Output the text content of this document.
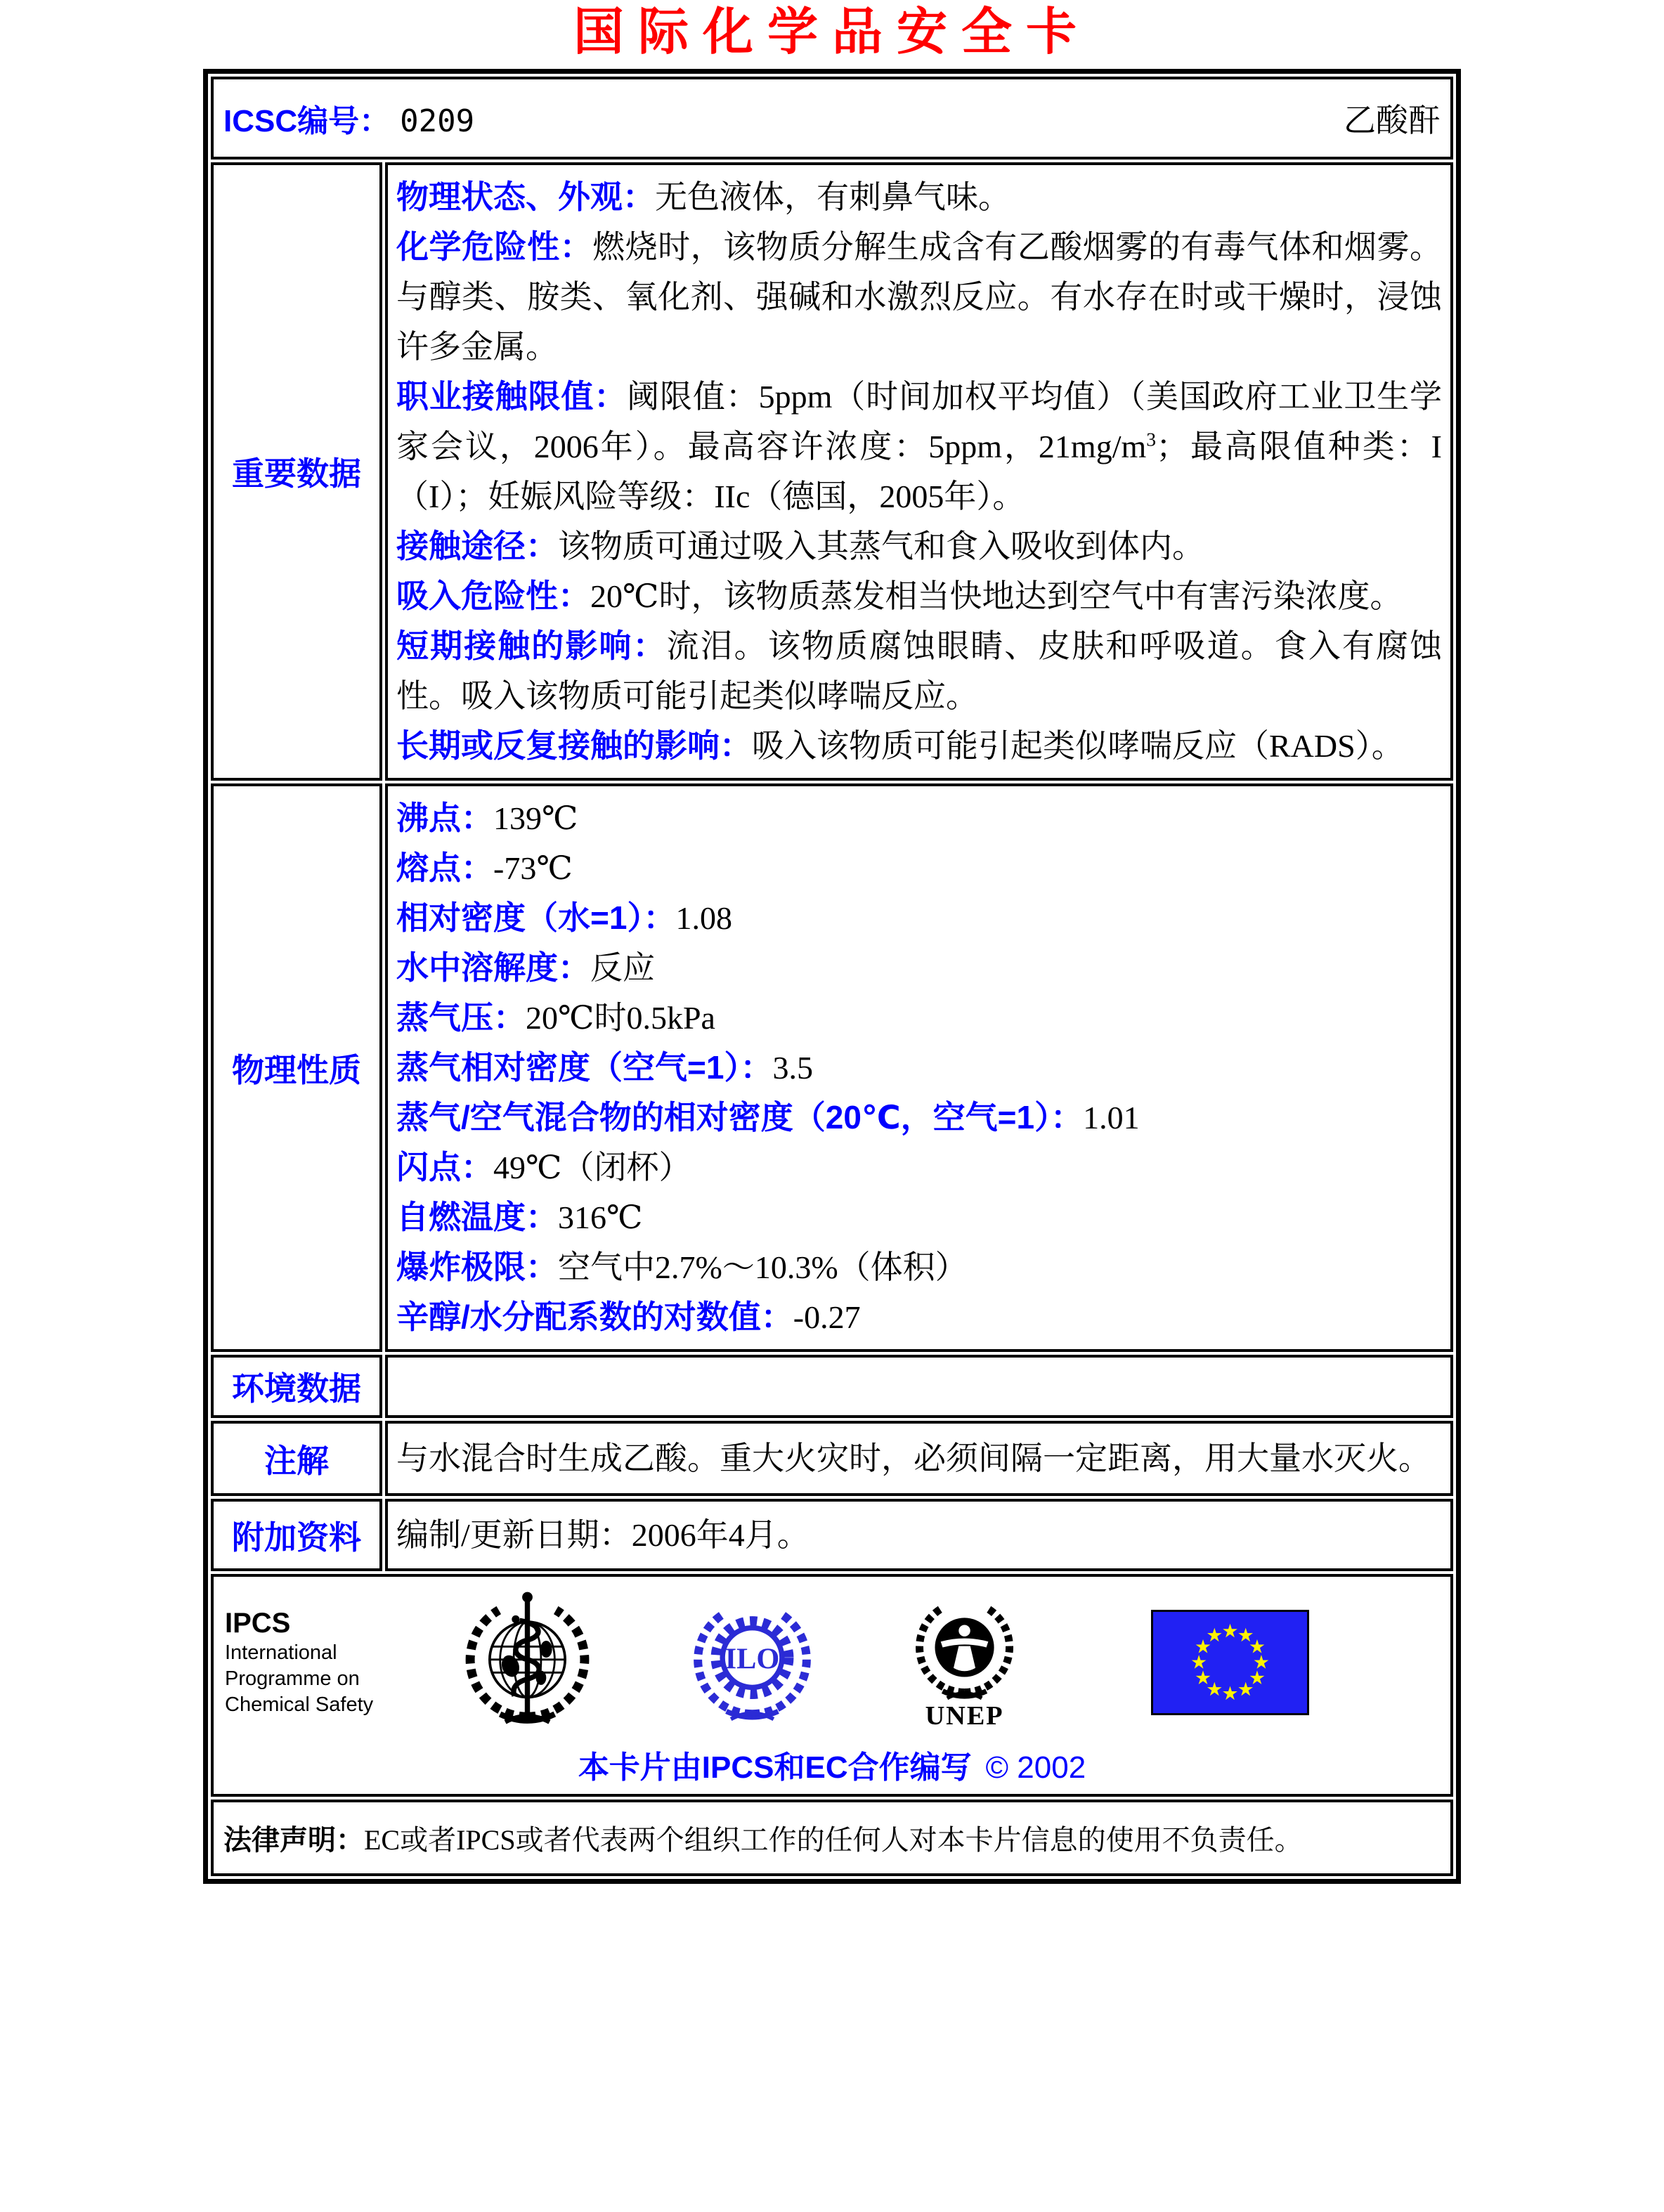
国际化学品安全卡
ICSC编号： 0209 乙酸酐	

重要数据	
物理状态、外观：无色液体，有刺鼻气味。
化学危险性：燃烧时，该物质分解生成含有乙酸烟雾的有毒气体和烟雾。与醇类、胺类、氧化剂、强碱和水激烈反应。有水存在时或干燥时，浸蚀许多金属。
职业接触限值：阈限值：5ppm（时间加权平均值）（美国政府工业卫生学家会议，2006年）。最高容许浓度：5ppm，$21mg/m^3$；最高限值种类：I（I）；妊娠风险等级：IIc（德国，2005年）。
接触途径：该物质可通过吸入其蒸气和食入吸收到体内。
吸入危险性：20℃时，该物质蒸发相当快地达到空气中有害污染浓度。
短期接触的影响：流泪。该物质腐蚀眼睛、皮肤和呼吸道。食入有腐蚀性。吸入该物质可能引起类似哮喘反应。
长期或反复接触的影响：吸入该物质可能引起类似哮喘反应（RADS）。

物理性质	
沸点：139℃
熔点：-73℃
相对密度（水=1）：1.08
水中溶解度：反应
蒸气压：20℃时0.5kPa
蒸气相对密度（空气=1）：3.5
蒸气/空气混合物的相对密度（20℃，空气=1）：1.01
闪点：49℃（闭杯）
自燃温度：316℃
爆炸极限：空气中2.7%～10.3%（体积）
辛醇/水分配系数的对数值：-0.27

环境数据	
注解	与水混合时生成乙酸。重大火灾时，必须间隔一定距离，用大量水灭火。

附加资料	编制/更新日期：2006年4月。

IPCS
International
Programme on
Chemical Safety
ILO
UNEP
本卡片由IPCS和EC合作编写 © 2002

法律声明：EC或者IPCS或者代表两个组织工作的任何人对本卡片信息的使用不负责任。	
